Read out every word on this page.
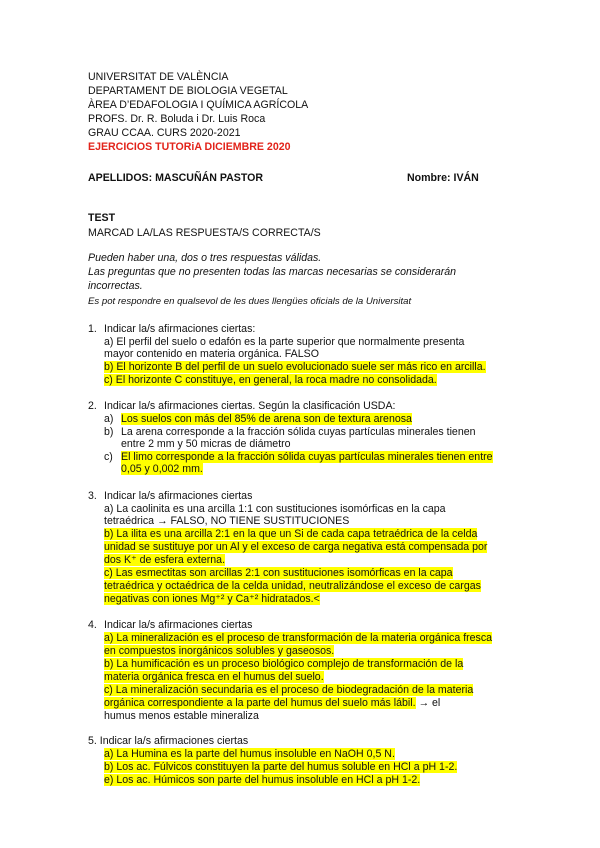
UNIVERSITAT DE VALÈNCIA
DEPARTAMENT DE BIOLOGIA VEGETAL
ÀREA D’EDAFOLOGIA I QUÍMICA AGRÍCOLA
PROFS. Dr. R. Boluda i Dr. Luis Roca
GRAU CCAA. CURS 2020-2021
EJERCICIOS TUTORiA DICIEMBRE 2020
APELLIDOS: MASCUÑÁN PASTOR	Nombre: IVÁN
TEST
MARCAD LA/LAS RESPUESTA/S CORRECTA/S
Pueden haber una, dos o tres respuestas válidas.
Las preguntas que no presenten todas las marcas necesarias se considerarán
incorrectas.
Es pot respondre en qualsevol de les dues llengües oficials de la Universitat
1. Indicar la/s afirmaciones ciertas:
a) El perfil del suelo o edafón es la parte superior que normalmente presenta
mayor contenido en materia orgánica. FALSO
b) El horizonte B del perfil de un suelo evolucionado suele ser más rico en arcilla.
c) El horizonte C constituye, en general, la roca madre no consolidada.
2. Indicar la/s afirmaciones ciertas. Según la clasificación USDA:
a) Los suelos con más del 85% de arena son de textura arenosa
b) La arena corresponde a la fracción sólida cuyas partículas minerales tienen
entre 2 mm y 50 micras de diámetro
c) El limo corresponde a la fracción sólida cuyas partículas minerales tienen entre
0,05 y 0,002 mm.
3. Indicar la/s afirmaciones ciertas
a) La caolinita es una arcilla 1:1 con sustituciones isomórficas en la capa
tetraédrica → FALSO, NO TIENE SUSTITUCIONES
b) La ilita es una arcilla 2:1 en la que un Si de cada capa tetraédrica de la celda
unidad se sustituye por un Al y el exceso de carga negativa está compensada por
dos K⁺ de esfera externa.
c) Las esmectitas son arcillas 2:1 con sustituciones isomórficas en la capa
tetraédrica y octaédrica de la celda unidad, neutralizándose el exceso de cargas
negativas con iones Mg⁺² y Ca⁺² hidratados.<
4. Indicar la/s afirmaciones ciertas
a) La mineralización es el proceso de transformación de la materia orgánica fresca
en compuestos inorgánicos solubles y gaseosos.
b) La humificación es un proceso biológico complejo de transformación de la
materia orgánica fresca en el humus del suelo.
c) La mineralización secundaria es el proceso de biodegradación de la materia
orgánica correspondiente a la parte del humus del suelo más lábil. → el
humus menos estable mineraliza
5. Indicar la/s afirmaciones ciertas
a) La Humina es la parte del humus insoluble en NaOH 0,5 N.
b) Los ac. Fúlvicos constituyen la parte del humus soluble en HCl a pH 1-2.
e) Los ac. Húmicos son parte del humus insoluble en HCl a pH 1-2.
